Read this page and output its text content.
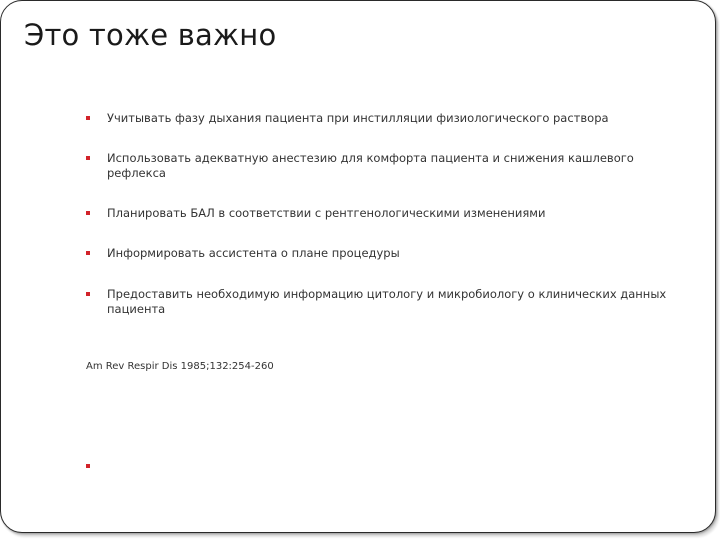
Это тоже важно
Учитывать фазу дыхания пациента при инстилляции физиологического раствора
Использовать адекватную анестезию для комфорта пациента и снижения кашлевого рефлекса
Планировать БАЛ в соответствии с рентгенологическими изменениями
Информировать ассистента о плане процедуры
Предоставить необходимую информацию цитологу и микробиологу о клинических данных пациента
Am Rev Respir Dis 1985;132:254-260
